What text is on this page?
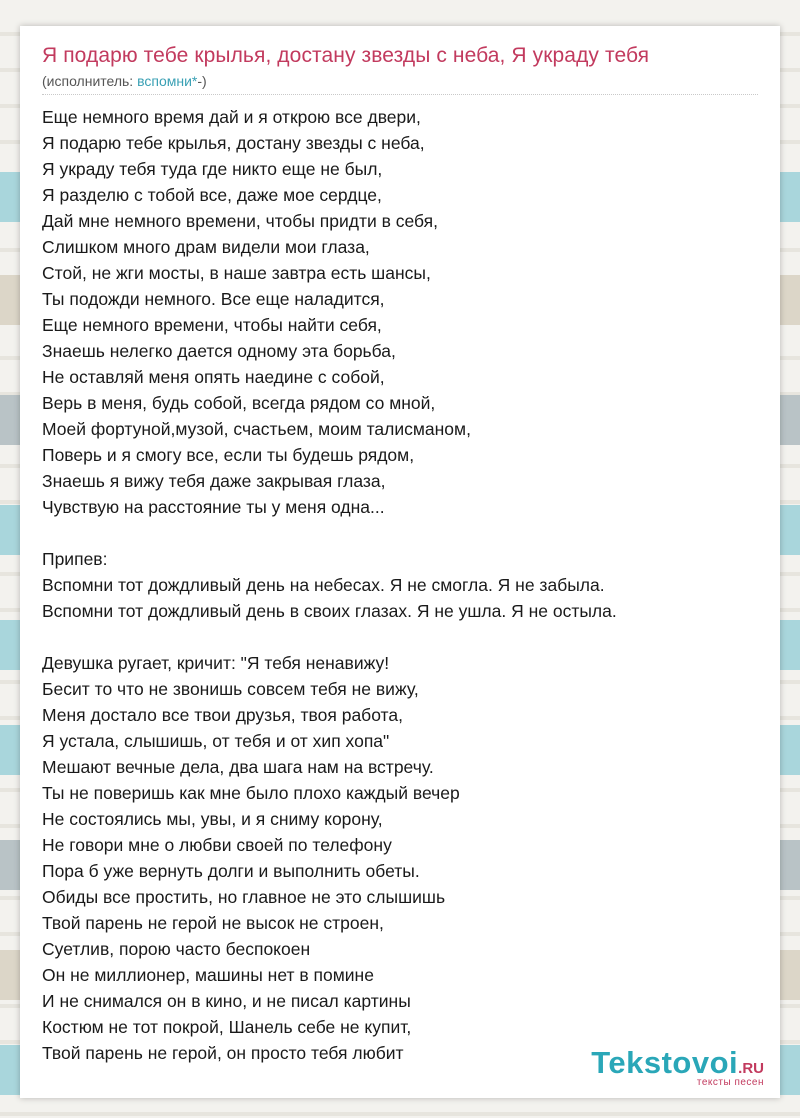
Я подарю тебе крылья, достану звезды с неба, Я украду тебя
(исполнитель: вспомни*-)
Еще немного время дай и я открою все двери,
Я подарю тебе крылья, достану звезды с неба,
Я украду тебя туда где никто еще не был,
Я разделю с тобой все, даже мое сердце,
Дай мне немного времени, чтобы придти в себя,
Слишком много драм видели мои глаза,
Стой, не жги мосты, в наше завтра есть шансы,
Ты подожди немного. Все еще наладится,
Еще немного времени, чтобы найти себя,
Знаешь нелегко дается одному эта борьба,
Не оставляй меня опять наедине с собой,
Верь в меня, будь собой, всегда рядом со мной,
Моей фортуной,музой, счастьем, моим талисманом,
Поверь и я смогу все, если ты будешь рядом,
Знаешь я вижу тебя даже закрывая глаза,
Чувствую на расстояние ты у меня одна...
Припев:
Вспомни тот дождливый день на небесах. Я не смогла. Я не забыла.
Вспомни тот дождливый день в своих глазах. Я не ушла. Я не остыла.
Девушка ругает, кричит: "Я тебя ненавижу!
Бесит то что не звонишь совсем тебя не вижу,
Меня достало все твои друзья, твоя работа,
Я устала, слышишь, от тебя и от хип хопа"
Мешают вечные дела, два шага нам на встречу.
Ты не поверишь как мне было плохо каждый вечер
Не состоялись мы, увы, и я сниму корону,
Не говори мне о любви своей по телефону
Пора б уже вернуть долги и выполнить обеты.
Обиды все простить, но главное не это слышишь
Твой парень не герой не высок не строен,
Суетлив, порою часто беспокоен
Он не миллионер, машины нет в помине
И не снимался он в кино, и не писал картины
Костюм не тот покрой, Шанель себе не купит,
Твой парень не герой, он просто тебя любит	Tekstovoi.RU
тексты песен
